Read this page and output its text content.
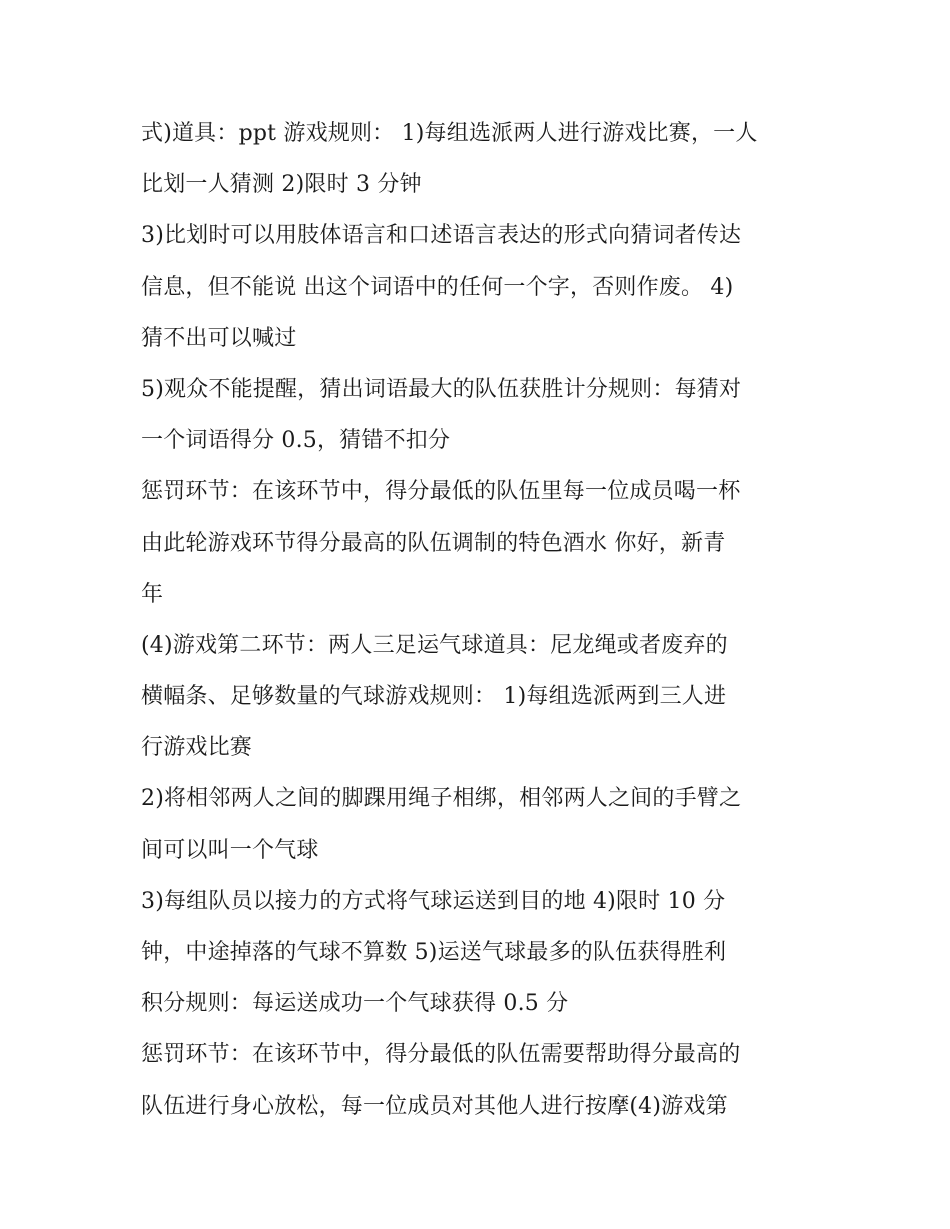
式)道具：ppt 游戏规则： 1)每组选派两人进行游戏比赛，一人
比划一人猜测 2)限时 3 分钟
3)比划时可以用肢体语言和口述语言表达的形式向猜词者传达
信息，但不能说 出这个词语中的任何一个字，否则作废。 4)
猜不出可以喊过
5)观众不能提醒，猜出词语最大的队伍获胜计分规则：每猜对
一个词语得分 0.5，猜错不扣分
惩罚环节：在该环节中，得分最低的队伍里每一位成员喝一杯
由此轮游戏环节得分最高的队伍调制的特色酒水 你好，新青
年
(4)游戏第二环节：两人三足运气球道具：尼龙绳或者废弃的
横幅条、足够数量的气球游戏规则： 1)每组选派两到三人进
行游戏比赛
2)将相邻两人之间的脚踝用绳子相绑，相邻两人之间的手臂之
间可以叫一个气球
3)每组队员以接力的方式将气球运送到目的地 4)限时 10 分
钟，中途掉落的气球不算数 5)运送气球最多的队伍获得胜利
积分规则：每运送成功一个气球获得 0.5 分
惩罚环节：在该环节中，得分最低的队伍需要帮助得分最高的
队伍进行身心放松，每一位成员对其他人进行按摩(4)游戏第
